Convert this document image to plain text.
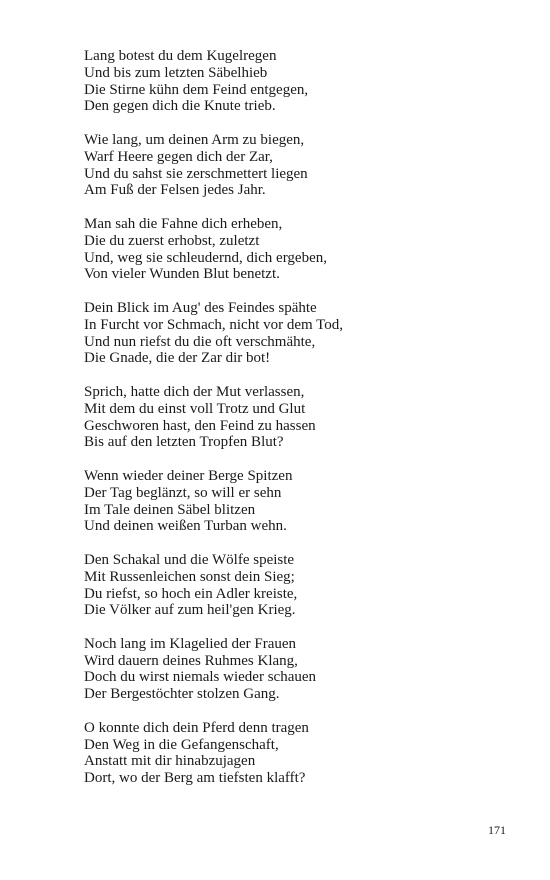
Lang botest du dem Kugelregen
Und bis zum letzten Säbelhieb
Die Stirne kühn dem Feind entgegen,
Den gegen dich die Knute trieb.
Wie lang, um deinen Arm zu biegen,
Warf Heere gegen dich der Zar,
Und du sahst sie zerschmettert liegen
Am Fuß der Felsen jedes Jahr.
Man sah die Fahne dich erheben,
Die du zuerst erhobst, zuletzt
Und, weg sie schleudernd, dich ergeben,
Von vieler Wunden Blut benetzt.
Dein Blick im Aug' des Feindes spähte
In Furcht vor Schmach, nicht vor dem Tod,
Und nun riefst du die oft verschmähte,
Die Gnade, die der Zar dir bot!
Sprich, hatte dich der Mut verlassen,
Mit dem du einst voll Trotz und Glut
Geschworen hast, den Feind zu hassen
Bis auf den letzten Tropfen Blut?
Wenn wieder deiner Berge Spitzen
Der Tag beglänzt, so will er sehn
Im Tale deinen Säbel blitzen
Und deinen weißen Turban wehn.
Den Schakal und die Wölfe speiste
Mit Russenleichen sonst dein Sieg;
Du riefst, so hoch ein Adler kreiste,
Die Völker auf zum heil'gen Krieg.
Noch lang im Klagelied der Frauen
Wird dauern deines Ruhmes Klang,
Doch du wirst niemals wieder schauen
Der Bergestöchter stolzen Gang.
O konnte dich dein Pferd denn tragen
Den Weg in die Gefangenschaft,
Anstatt mit dir hinabzujagen
Dort, wo der Berg am tiefsten klafft?
171
